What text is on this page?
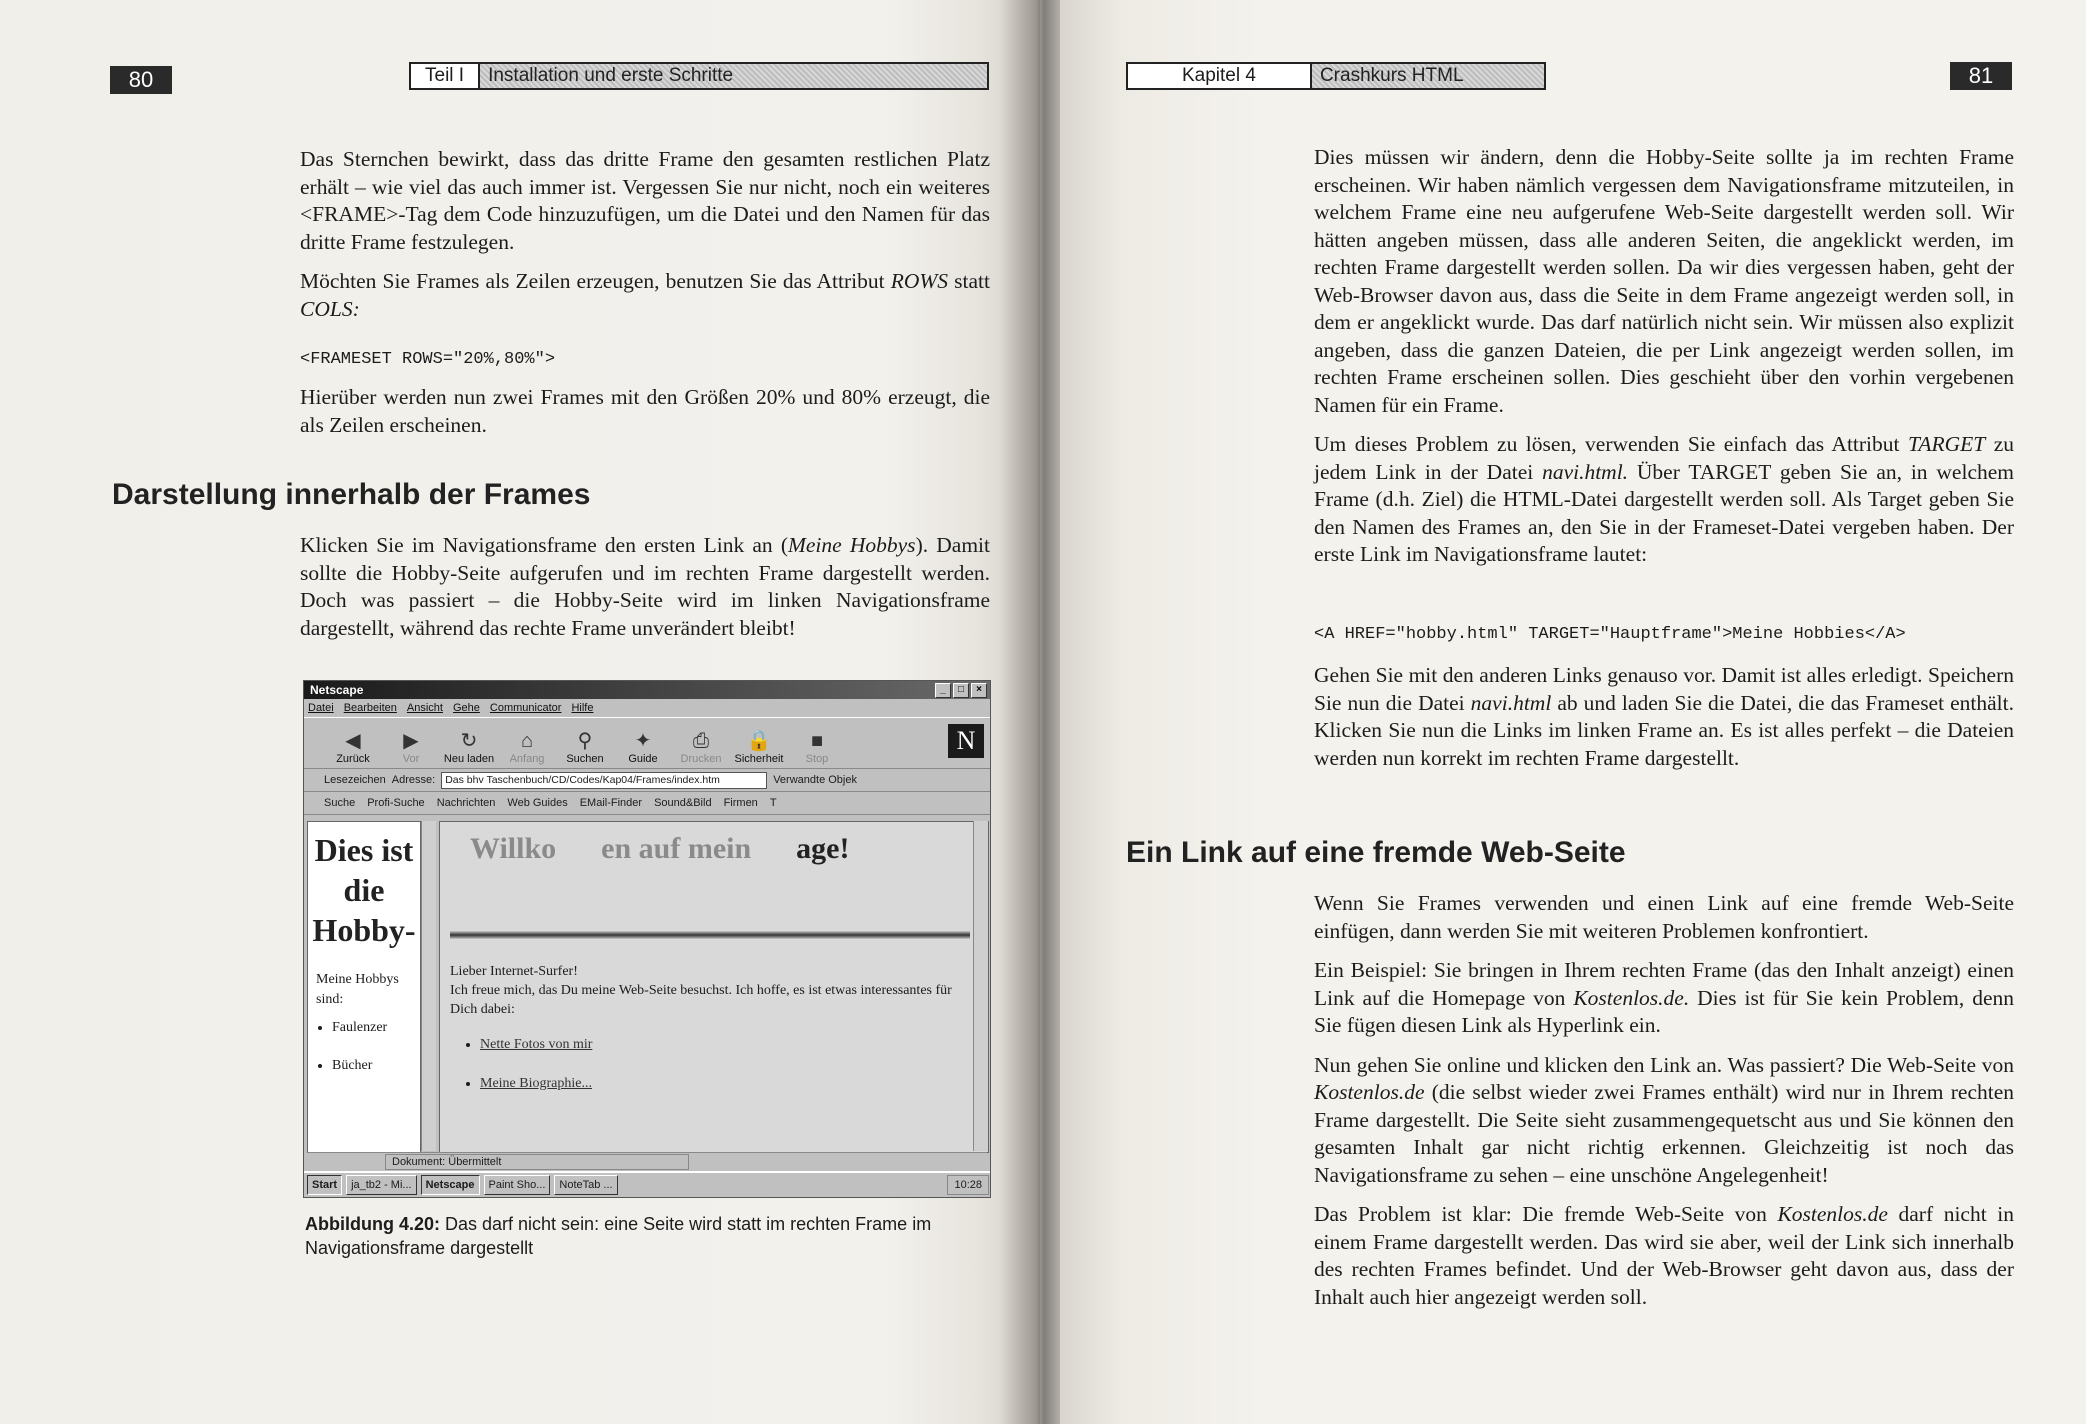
80	Teil I	Installation und erste Schritte

Das Sternchen bewirkt, dass das dritte Frame den gesamten restlichen Platz erhält – wie viel das auch immer ist. Vergessen Sie nur nicht, noch ein weiteres <FRAME>-Tag dem Code hinzuzufügen, um die Datei und den Namen für das dritte Frame festzulegen.

Möchten Sie Frames als Zeilen erzeugen, benutzen Sie das Attribut ROWS statt COLS:

<FRAMESET ROWS="20%,80%">

Hierüber werden nun zwei Frames mit den Größen 20% und 80% erzeugt, die als Zeilen erscheinen.

Darstellung innerhalb der Frames

Klicken Sie im Navigationsframe den ersten Link an (Meine Hobbys). Damit sollte die Hobby-Seite aufgerufen und im rechten Frame dargestellt werden. Doch was passiert – die Hobby-Seite wird im linken Navigationsframe dargestellt, während das rechte Frame unverändert bleibt!

Netscape	_	□	×
Datei Bearbeiten Ansicht Gehe Communicator Hilfe
◀
Zurück
▶
Vor
↻
Neu laden
⌂
Anfang
⚲
Suchen
✦
Guide
⎙
Drucken
🔒
Sicherheit
■
Stop
N
Lesezeichen Adresse: Das bhv Taschenbuch/CD/Codes/Kap04/Frames/index.htm	Verwandte Objek
Suche Profi-Suche Nachrichten Web Guides EMail-Finder Sound&Bild Firmen T
Dies ist die Hobby-
Meine Hobbys sind:
• Faulenzer
• Bücher
Willko en auf mein age!
Lieber Internet-Surfer!
Ich freue mich, das Du meine Web-Seite besuchst. Ich hoffe, es ist etwas interessantes für Dich dabei:
• Nette Fotos von mir
• Meine Biographie...
Dokument: Übermittelt
Start	ja_tb2 - Mi...	Netscape	Paint Sho...	NoteTab ...	10:28
Abbildung 4.20: Das darf nicht sein: eine Seite wird statt im rechten Frame im Navigationsframe dargestellt
Kapitel 4	Crashkurs HTML	81

Dies müssen wir ändern, denn die Hobby-Seite sollte ja im rechten Frame erscheinen. Wir haben nämlich vergessen dem Navigationsframe mitzuteilen, in welchem Frame eine neu aufgerufene Web-Seite dargestellt werden soll. Wir hätten angeben müssen, dass alle anderen Seiten, die angeklickt werden, im rechten Frame dargestellt werden sollen. Da wir dies vergessen haben, geht der Web-Browser davon aus, dass die Seite in dem Frame angezeigt werden soll, in dem er angeklickt wurde. Das darf natürlich nicht sein. Wir müssen also explizit angeben, dass die ganzen Dateien, die per Link angezeigt werden sollen, im rechten Frame erscheinen sollen. Dies geschieht über den vorhin vergebenen Namen für ein Frame.

Um dieses Problem zu lösen, verwenden Sie einfach das Attribut TARGET zu jedem Link in der Datei navi.html. Über TARGET geben Sie an, in welchem Frame (d.h. Ziel) die HTML-Datei dargestellt werden soll. Als Target geben Sie den Namen des Frames an, den Sie in der Frameset-Datei vergeben haben. Der erste Link im Navigationsframe lautet:

<A HREF="hobby.html" TARGET="Hauptframe">Meine Hobbies</A>

Gehen Sie mit den anderen Links genauso vor. Damit ist alles erledigt. Speichern Sie nun die Datei navi.html ab und laden Sie die Datei, die das Frameset enthält. Klicken Sie nun die Links im linken Frame an. Es ist alles perfekt – die Dateien werden nun korrekt im rechten Frame dargestellt.

Ein Link auf eine fremde Web-Seite

Wenn Sie Frames verwenden und einen Link auf eine fremde Web-Seite einfügen, dann werden Sie mit weiteren Problemen konfrontiert.

Ein Beispiel: Sie bringen in Ihrem rechten Frame (das den Inhalt anzeigt) einen Link auf die Homepage von Kostenlos.de. Dies ist für Sie kein Problem, denn Sie fügen diesen Link als Hyperlink ein.

Nun gehen Sie online und klicken den Link an. Was passiert? Die Web-Seite von Kostenlos.de (die selbst wieder zwei Frames enthält) wird nur in Ihrem rechten Frame dargestellt. Die Seite sieht zusammengequetscht aus und Sie können den gesamten Inhalt gar nicht richtig erkennen. Gleichzeitig ist noch das Navigationsframe zu sehen – eine unschöne Angelegenheit!

Das Problem ist klar: Die fremde Web-Seite von Kostenlos.de darf nicht in einem Frame dargestellt werden. Das wird sie aber, weil der Link sich innerhalb des rechten Frames befindet. Und der Web-Browser geht davon aus, dass der Inhalt auch hier angezeigt werden soll.
